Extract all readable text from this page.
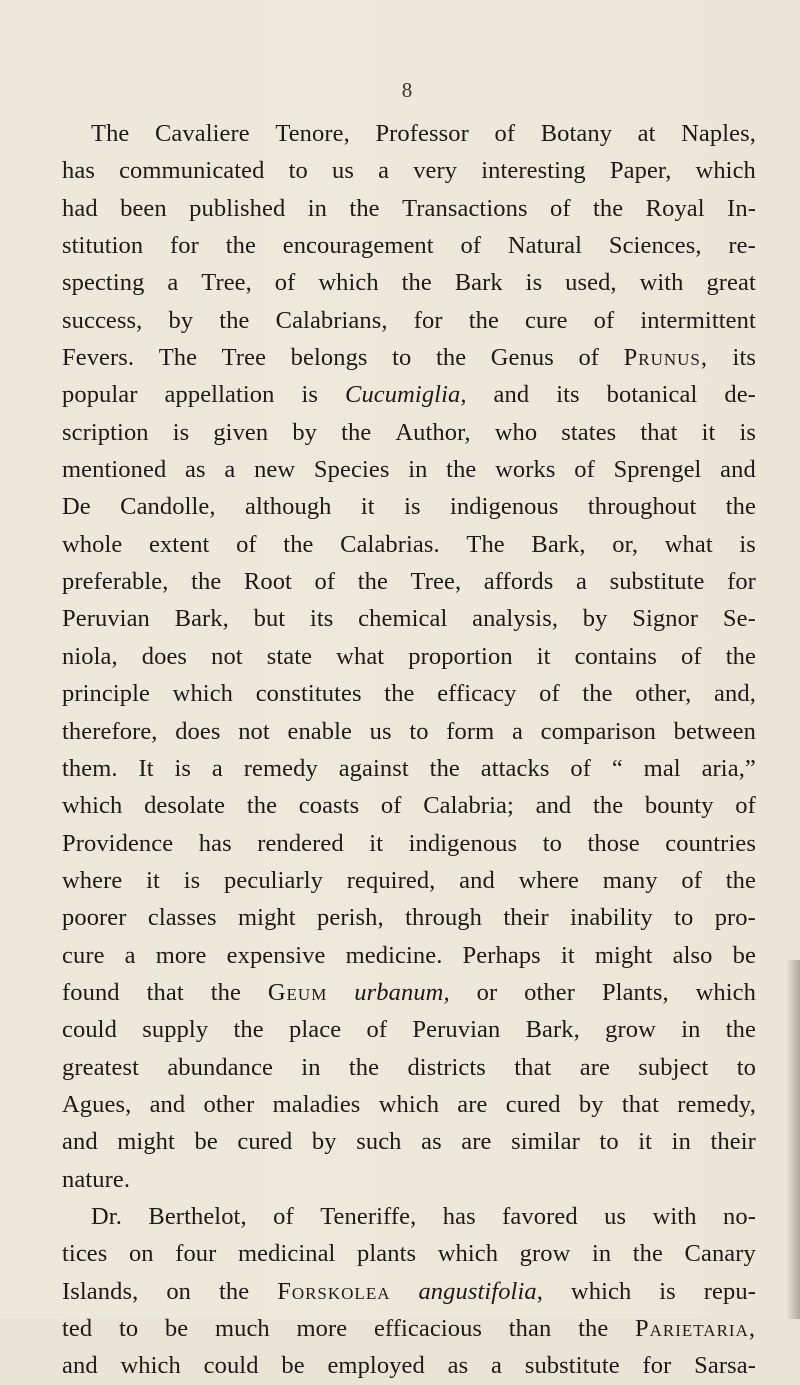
8
The Cavaliere Tenore, Professor of Botany at Naples,
has communicated to us a very interesting Paper, which
had been published in the Transactions of the Royal In-
stitution for the encouragement of Natural Sciences, re-
specting a Tree, of which the Bark is used, with great
success, by the Calabrians, for the cure of intermittent
Fevers. The Tree belongs to the Genus of Prunus, its
popular appellation is Cucumiglia, and its botanical de-
scription is given by the Author, who states that it is
mentioned as a new Species in the works of Sprengel and
De Candolle, although it is indigenous throughout the
whole extent of the Calabrias. The Bark, or, what is
preferable, the Root of the Tree, affords a substitute for
Peruvian Bark, but its chemical analysis, by Signor Se-
niola, does not state what proportion it contains of the
principle which constitutes the efficacy of the other, and,
therefore, does not enable us to form a comparison between
them. It is a remedy against the attacks of “ mal aria,”
which desolate the coasts of Calabria; and the bounty of
Providence has rendered it indigenous to those countries
where it is peculiarly required, and where many of the
poorer classes might perish, through their inability to pro-
cure a more expensive medicine. Perhaps it might also be
found that the Geum urbanum, or other Plants, which
could supply the place of Peruvian Bark, grow in the
greatest abundance in the districts that are subject to
Agues, and other maladies which are cured by that remedy,
and might be cured by such as are similar to it in their
nature.
Dr. Berthelot, of Teneriffe, has favored us with no-
tices on four medicinal plants which grow in the Canary
Islands, on the Forskolea angustifolia, which is repu-
ted to be much more efficacious than the Parietaria,
and which could be employed as a substitute for Sarsa-
